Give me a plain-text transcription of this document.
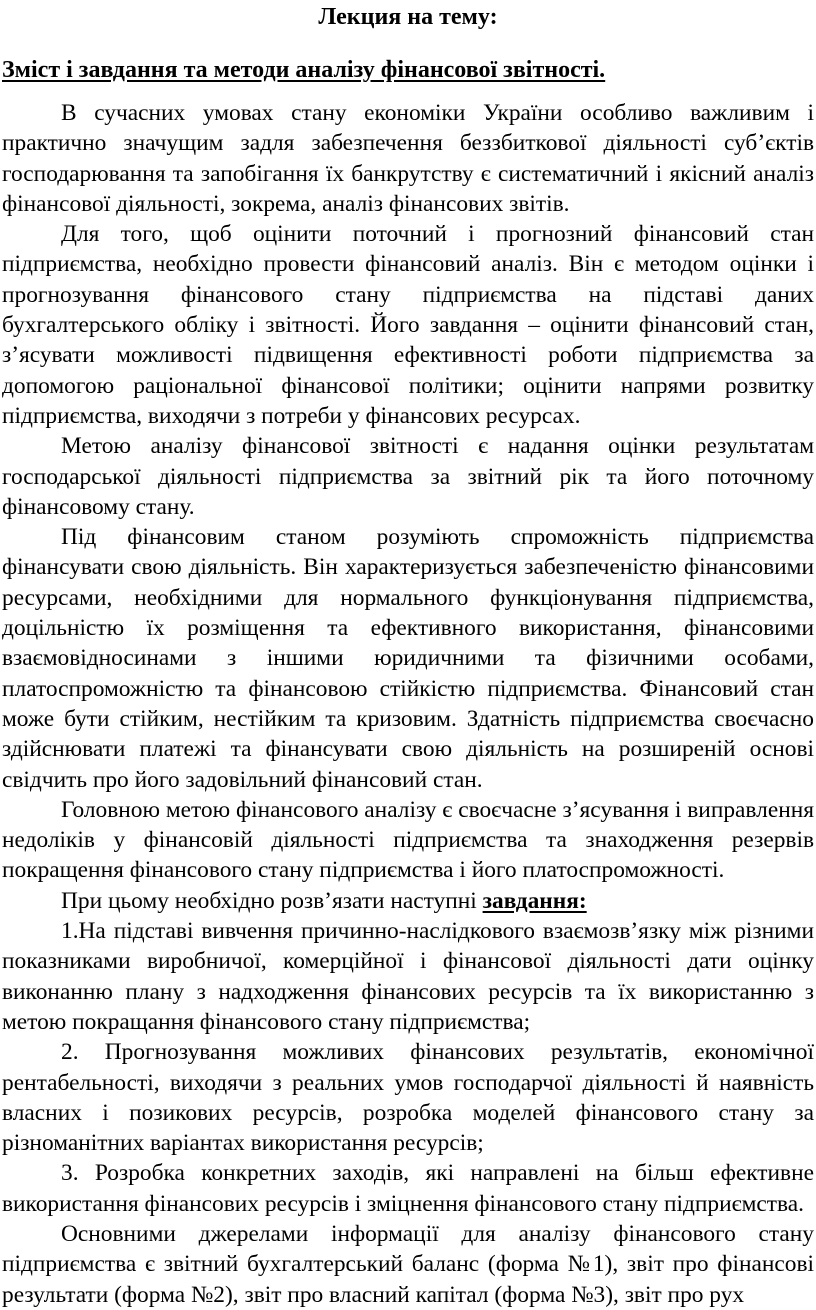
Лекция на тему:

Зміст і завдання та методи аналізу фінансової звітності.

В сучасних умовах стану економіки України особливо важливим і практично значущим задля забезпечення беззбиткової діяльності суб’єктів господарювання та запобігання їх банкрутству є систематичний і якісний аналіз фінансової діяльності, зокрема, аналіз фінансових звітів.

Для того, щоб оцінити поточний і прогнозний фінансовий стан підприємства, необхідно провести фінансовий аналіз. Він є методом оцінки і прогнозування фінансового стану підприємства на підставі даних бухгалтерського обліку і звітності. Його завдання – оцінити фінансовий стан, з’ясувати можливості підвищення ефективності роботи підприємства за допомогою раціональної фінансової політики; оцінити напрями розвитку підприємства, виходячи з потреби у фінансових ресурсах.

Метою аналізу фінансової звітності є надання оцінки результатам господарської діяльності підприємства за звітний рік та його поточному фінансовому стану.

Під фінансовим станом розуміють спроможність підприємства фінансувати свою діяльність. Він характеризується забезпеченістю фінансовими ресурсами, необхідними для нормального функціонування підприємства, доцільністю їх розміщення та ефективного використання, фінансовими взаємовідносинами з іншими юридичними та фізичними особами, платоспроможністю та фінансовою стійкістю підприємства. Фінансовий стан може бути стійким, нестійким та кризовим. Здатність підприємства своєчасно здійснювати платежі та фінансувати свою діяльність на розширеній основі свідчить про його задовільний фінансовий стан.

Головною метою фінансового аналізу є своєчасне з’ясування і виправлення недоліків у фінансовій діяльності підприємства та знаходження резервів покращення фінансового стану підприємства і його платоспроможності.

При цьому необхідно розв’язати наступні завдання:

1.На підставі вивчення причинно-наслідкового взаємозв’язку між різними показниками виробничої, комерційної і фінансової діяльності дати оцінку виконанню плану з надходження фінансових ресурсів та їх використанню з метою покращання фінансового стану підприємства;

2. Прогнозування можливих фінансових результатів, економічної рентабельності, виходячи з реальних умов господарчої діяльності й наявність власних і позикових ресурсів, розробка моделей фінансового стану за різноманітних варіантах використання ресурсів;

3. Розробка конкретних заходів, які направлені на більш ефективне використання фінансових ресурсів і зміцнення фінансового стану підприємства.

Основними джерелами інформації для аналізу фінансового стану підприємства є звітний бухгалтерський баланс (форма №1), звіт про фінансові результати (форма №2), звіт про власний капітал (форма №3), звіт про рух
